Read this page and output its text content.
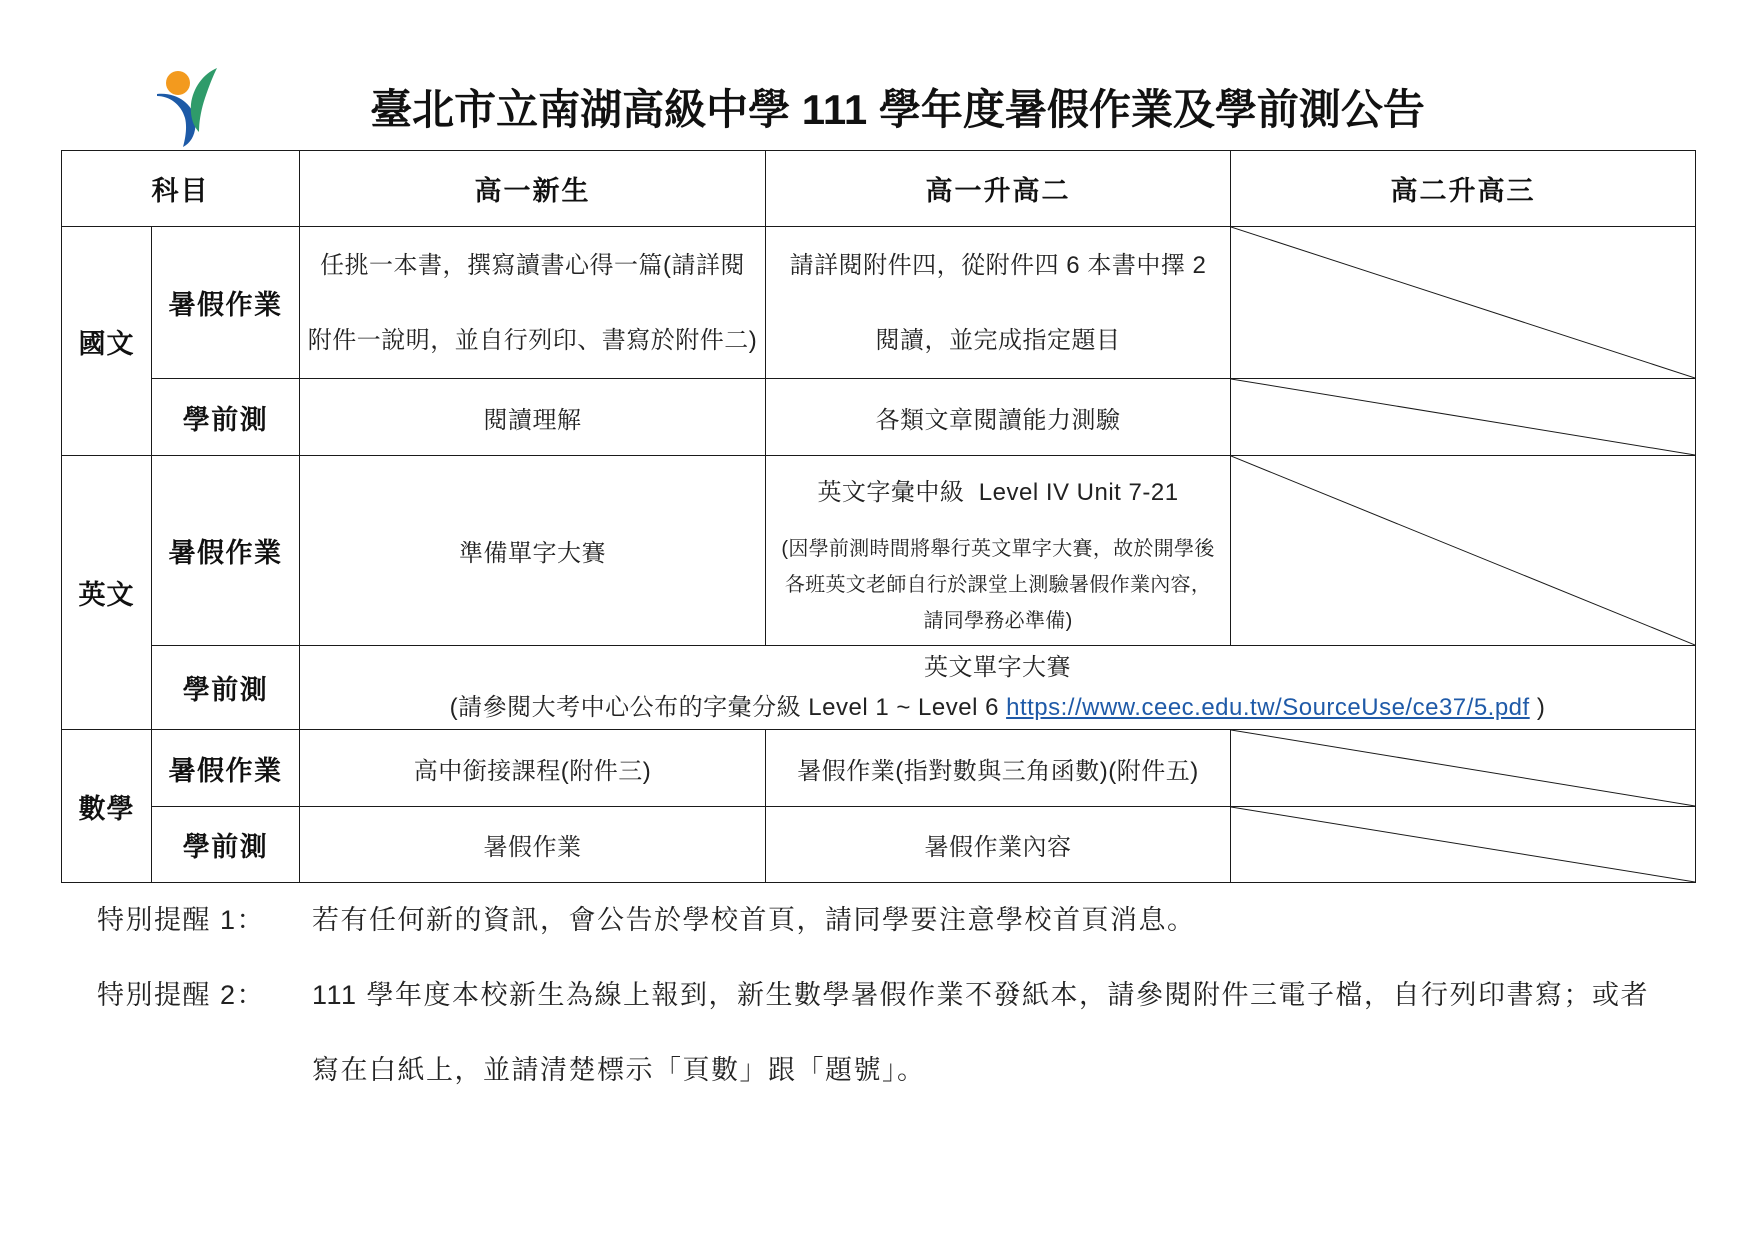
臺北市立南湖高級中學 111 學年度暑假作業及學前測公告
科目		高一新生	高一升高二	高二升高三
國文	暑假作業	任挑一本書，撰寫讀書心得一篇(請詳閱
附件一說明，並自行列印、書寫於附件二)	請詳閱附件四，從附件四 6 本書中擇 2
閱讀，並完成指定題目

	學前測	閱讀理解	各類文章閱讀能力測驗	

英文	暑假作業	準備單字大賽	英文字彙中級  Level IV Unit 7-21
(因學前測時間將舉行英文單字大賽，故於開學後
各班英文老師自行於課堂上測驗暑假作業內容，
請同學務必準備)

	學前測	英文單字大賽
(請參閱大考中心公布的字彙分級 Level 1 ~ Level 6 https://www.ceec.edu.tw/SourceUse/ce37/5.pdf )		

數學	暑假作業	高中銜接課程(附件三)	暑假作業(指對數與三角函數)(附件五)	

	學前測	暑假作業	暑假作業內容	
特別提醒 1：	若有任何新的資訊，會公告於學校首頁，請同學要注意學校首頁消息。
特別提醒 2：	111 學年度本校新生為線上報到，新生數學暑假作業不發紙本，請參閱附件三電子檔，自行列印書寫；或者
寫在白紙上，並請清楚標示「頁數」跟「題號」。
